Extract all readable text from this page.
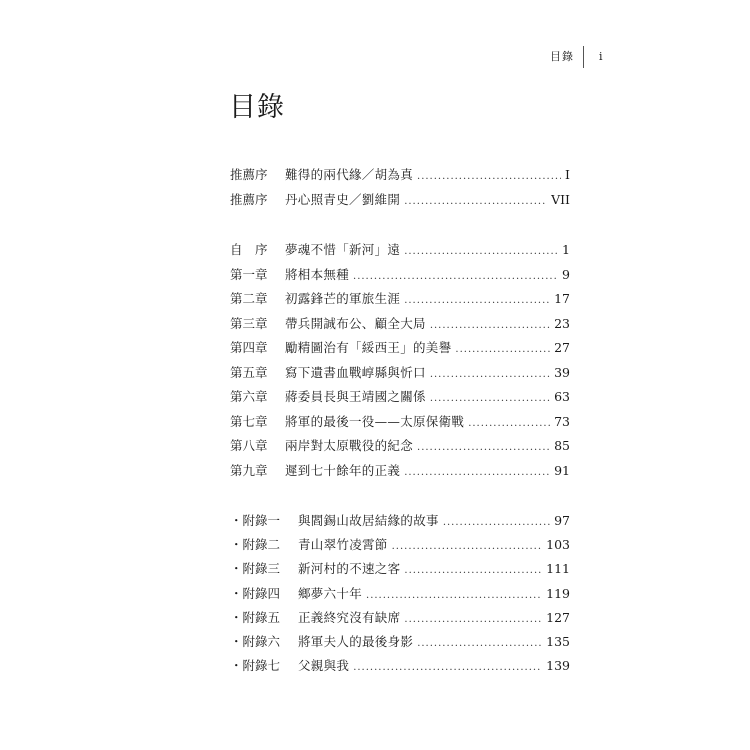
目錄 i
目錄
推薦序	難得的兩代緣／胡為真 .....	I
推薦序	丹心照青史／劉維開 .....	VII
自　序	夢魂不惜「新河」遠 .....	1
第一章	將相本無種 .....	9
第二章	初露鋒芒的軍旅生涯 .....	17
第三章	帶兵開誠布公、顧全大局 .....	23
第四章	勵精圖治有「綏西王」的美譽 .....	27
第五章	寫下遺書血戰崞縣與忻口 .....	39
第六章	蔣委員長與王靖國之關係 .....	63
第七章	將軍的最後一役——太原保衛戰 .....	73
第八章	兩岸對太原戰役的紀念 .....	85
第九章	遲到七十餘年的正義 .....	91
・附錄一	與閻錫山故居結緣的故事 .....	97
・附錄二	青山翠竹凌霄節 .....	103
・附錄三	新河村的不速之客 .....	111
・附錄四	鄉夢六十年 .....	119
・附錄五	正義終究沒有缺席 .....	127
・附錄六	將軍夫人的最後身影 .....	135
・附錄七	父親與我 .....	139
